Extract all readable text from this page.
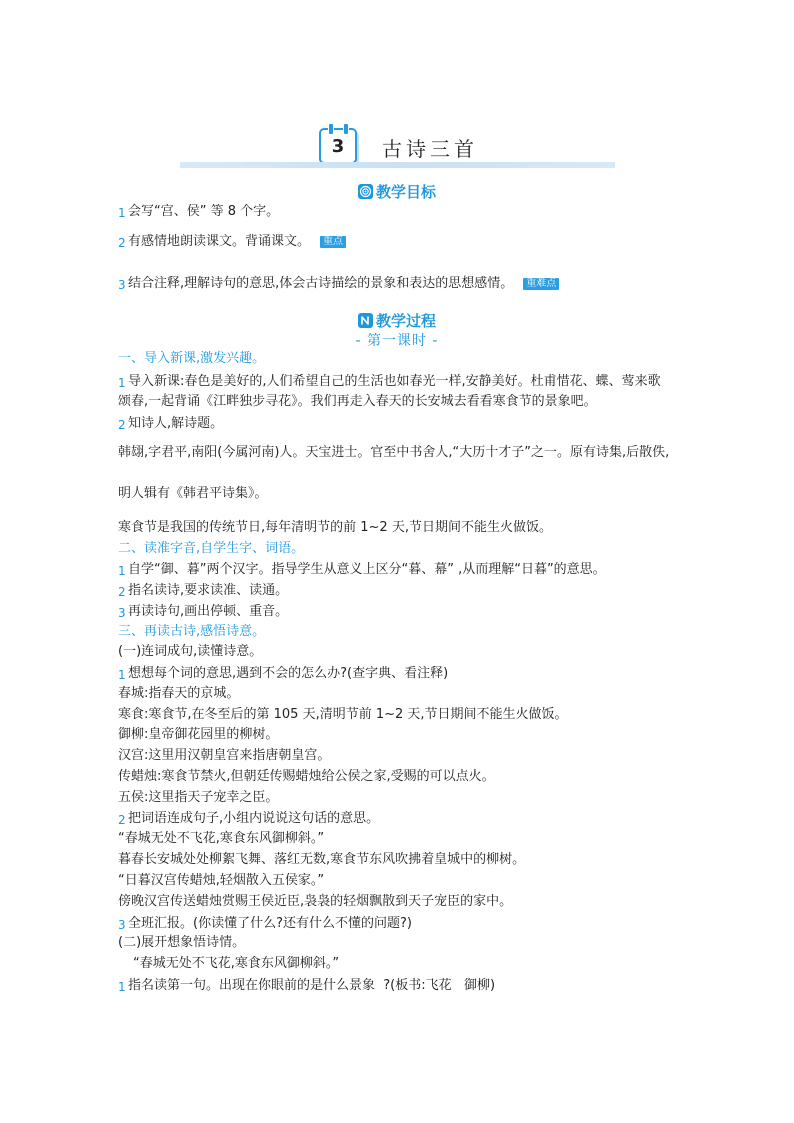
3	古诗三首
教学目标
1 会写“宫、侯” 等 8 个字。
2 有感情地朗读课文。背诵课文。 重点
3 结合注释,理解诗句的意思,体会古诗描绘的景象和表达的思想感情。 重难点
教学过程
- 第一课时 -
一、导入新课,激发兴趣。
1 导入新课:春色是美好的,人们希望自己的生活也如春光一样,安静美好。杜甫惜花、蝶、莺来歌
颂春,一起背诵《江畔独步寻花》。我们再走入春天的长安城去看看寒食节的景象吧。
2 知诗人,解诗题。
韩翃,字君平,南阳(今属河南)人。天宝进士。官至中书舍人,“大历十才子”之一。原有诗集,后散佚,
明人辑有《韩君平诗集》。
寒食节是我国的传统节日,每年清明节的前 1~2 天,节日期间不能生火做饭。
二、读准字音,自学生字、词语。
1 自学“御、暮”两个汉字。指导学生从意义上区分“暮、幕” ,从而理解“日暮”的意思。
2 指名读诗,要求读准、读通。
3 再读诗句,画出停顿、重音。
三、再读古诗,感悟诗意。
(一)连词成句,读懂诗意。
1 想想每个词的意思,遇到不会的怎么办?(查字典、看注释)
春城:指春天的京城。
寒食:寒食节,在冬至后的第 105 天,清明节前 1~2 天,节日期间不能生火做饭。
御柳:皇帝御花园里的柳树。
汉宫:这里用汉朝皇宫来指唐朝皇宫。
传蜡烛:寒食节禁火,但朝廷传赐蜡烛给公侯之家,受赐的可以点火。
五侯:这里指天子宠幸之臣。
2 把词语连成句子,小组内说说这句话的意思。
“春城无处不飞花,寒食东风御柳斜。”
暮春长安城处处柳絮飞舞、落红无数,寒食节东风吹拂着皇城中的柳树。
“日暮汉宫传蜡烛,轻烟散入五侯家。”
傍晚汉宫传送蜡烛赏赐王侯近臣,袅袅的轻烟飘散到天子宠臣的家中。
3 全班汇报。(你读懂了什么?还有什么不懂的问题?)
(二)展开想象悟诗情。
“春城无处不飞花,寒食东风御柳斜。”
1 指名读第一句。出现在你眼前的是什么景象  ?(板书:飞花   御柳)
